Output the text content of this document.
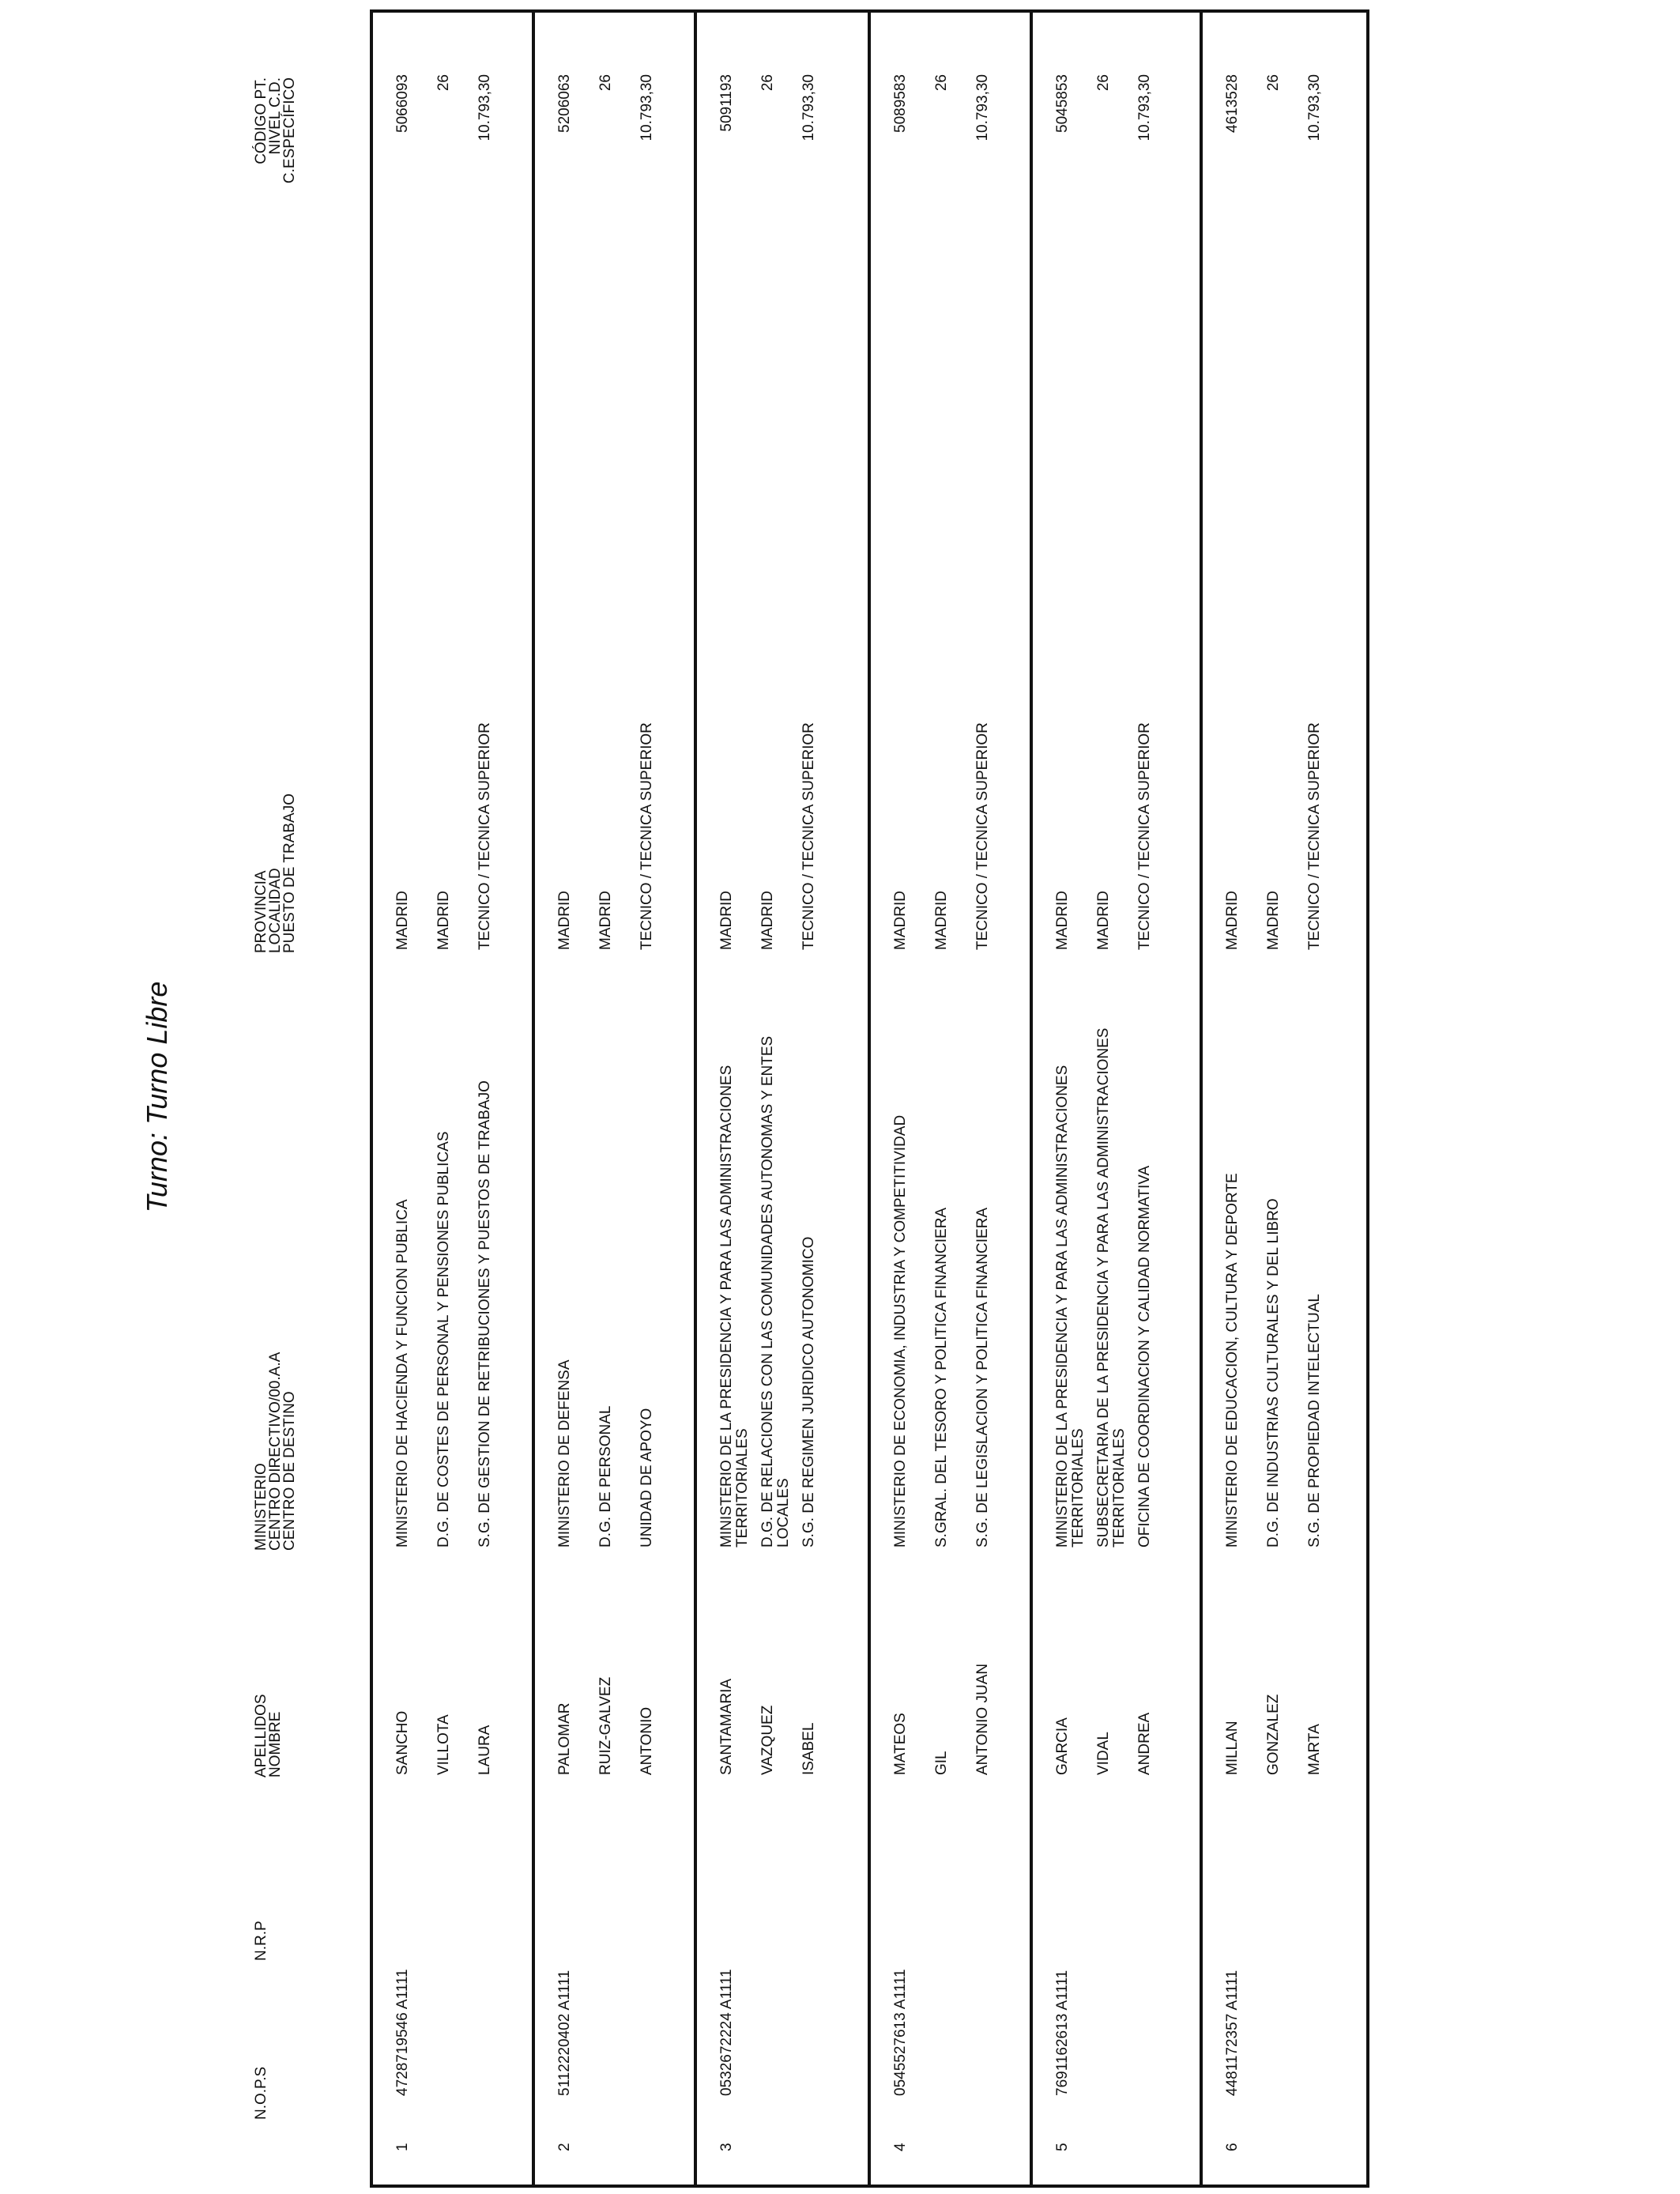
Turno: Turno Libre
N.O.P.S
N.R.P
APELLIDOS
NOMBRE
MINISTERIO
CENTRO DIRECTIVO/00.A.A
CENTRO DE DESTINO
PROVINCIA
LOCALIDAD
PUESTO DE TRABAJO
CÓDIGO PT.
NIVEL C.D.
C.ESPECÍFICO
1
4728719546 A1111
SANCHO VILLOTA LAURA
MINISTERIO DE HACIENDA Y FUNCION PUBLICA D.G. DE COSTES DE PERSONAL Y PENSIONES PUBLICAS S.G. DE GESTION DE RETRIBUCIONES Y PUESTOS DE TRABAJO
MADRID MADRID TECNICO / TECNICA SUPERIOR
5066093 26 10.793,30
2
5112220402 A1111
PALOMAR RUIZ-GALVEZ ANTONIO
MINISTERIO DE DEFENSA D.G. DE PERSONAL UNIDAD DE APOYO
MADRID MADRID TECNICO / TECNICA SUPERIOR
5206063 26 10.793,30
3
0532672224 A1111
SANTAMARIA VAZQUEZ ISABEL
MINISTERIO DE LA PRESIDENCIA Y PARA LAS ADMINISTRACIONES TERRITORIALES D.G. DE RELACIONES CON LAS COMUNIDADES AUTONOMAS Y ENTES LOCALES S.G. DE REGIMEN JURIDICO AUTONOMICO
MADRID MADRID TECNICO / TECNICA SUPERIOR
5091193 26 10.793,30
4
0545527613 A1111
MATEOS GIL ANTONIO JUAN
MINISTERIO DE ECONOMIA, INDUSTRIA Y COMPETITIVIDAD S.GRAL. DEL TESORO Y POLITICA FINANCIERA S.G. DE LEGISLACION Y POLITICA FINANCIERA
MADRID MADRID TECNICO / TECNICA SUPERIOR
5089583 26 10.793,30
5
7691162613 A1111
GARCIA VIDAL ANDREA
MINISTERIO DE LA PRESIDENCIA Y PARA LAS ADMINISTRACIONES TERRITORIALES SUBSECRETARIA DE LA PRESIDENCIA Y PARA LAS ADMINISTRACIONES TERRITORIALES OFICINA DE COORDINACION Y CALIDAD NORMATIVA
MADRID MADRID TECNICO / TECNICA SUPERIOR
5045853 26 10.793,30
6
4481172357 A1111
MILLAN GONZALEZ MARTA
MINISTERIO DE EDUCACION, CULTURA Y DEPORTE D.G. DE INDUSTRIAS CULTURALES Y DEL LIBRO S.G. DE PROPIEDAD INTELECTUAL
MADRID MADRID TECNICO / TECNICA SUPERIOR
4613528 26 10.793,30
